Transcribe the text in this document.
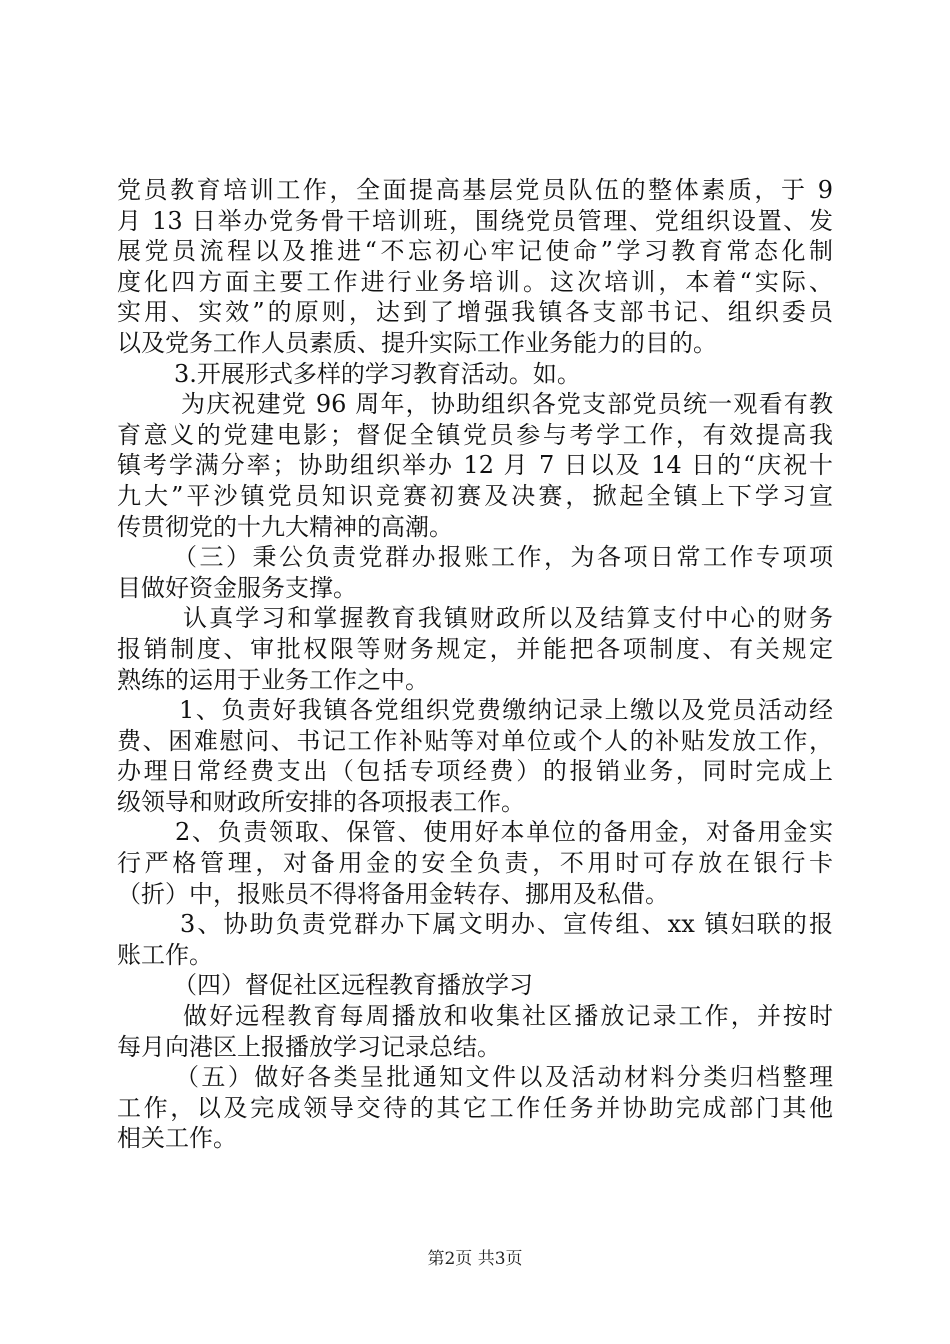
党员教育培训工作，全面提高基层党员队伍的整体素质，于 9
月 13 日举办党务骨干培训班，围绕党员管理、党组织设置、发
展党员流程以及推进“不忘初心牢记使命”学习教育常态化制
度化四方面主要工作进行业务培训。这次培训，本着“实际、
实用、实效”的原则，达到了增强我镇各支部书记、组织委员
以及党务工作人员素质、提升实际工作业务能力的目的。
3.开展形式多样的学习教育活动。如。
为庆祝建党 96 周年，协助组织各党支部党员统一观看有教
育意义的党建电影；督促全镇党员参与考学工作，有效提高我
镇考学满分率；协助组织举办 12 月 7 日以及 14 日的“庆祝十
九大”平沙镇党员知识竞赛初赛及决赛，掀起全镇上下学习宣
传贯彻党的十九大精神的高潮。
（三）秉公负责党群办报账工作，为各项日常工作专项项
目做好资金服务支撑。
认真学习和掌握教育我镇财政所以及结算支付中心的财务
报销制度、审批权限等财务规定，并能把各项制度、有关规定
熟练的运用于业务工作之中。
1、负责好我镇各党组织党费缴纳记录上缴以及党员活动经
费、困难慰问、书记工作补贴等对单位或个人的补贴发放工作，
办理日常经费支出（包括专项经费）的报销业务，同时完成上
级领导和财政所安排的各项报表工作。
2、负责领取、保管、使用好本单位的备用金，对备用金实
行严格管理，对备用金的安全负责，不用时可存放在银行卡
（折）中，报账员不得将备用金转存、挪用及私借。
3、协助负责党群办下属文明办、宣传组、xx 镇妇联的报
账工作。
（四）督促社区远程教育播放学习
做好远程教育每周播放和收集社区播放记录工作，并按时
每月向港区上报播放学习记录总结。
（五）做好各类呈批通知文件以及活动材料分类归档整理
工作，以及完成领导交待的其它工作任务并协助完成部门其他
相关工作。
第2页 共3页
